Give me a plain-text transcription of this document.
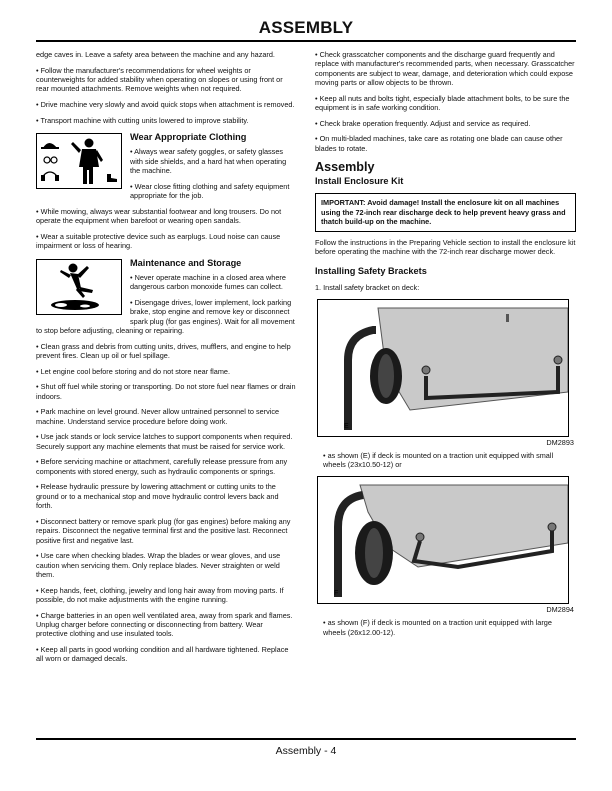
ASSEMBLY

edge caves in. Leave a safety area between the machine and any hazard.

• Follow the manufacturer's recommendations for wheel weights or counterweights for added stability when operating on slopes or using front or rear mounted attachments. Remove weights when not required.

• Drive machine very slowly and avoid quick stops when attachment is removed.

• Transport machine with cutting units lowered to improve stability.

Wear Appropriate Clothing

• Always wear safety goggles, or safety glasses with side shields, and a hard hat when operating the machine.

• Wear close fitting clothing and safety equipment appropriate for the job.

• While mowing, always wear substantial footwear and long trousers. Do not operate the equipment when barefoot or wearing open sandals.

• Wear a suitable protective device such as earplugs. Loud noise can cause impairment or loss of hearing.

Maintenance and Storage

• Never operate machine in a closed area where dangerous carbon monoxide fumes can collect.

• Disengage drives, lower implement, lock parking brake, stop engine and remove key or disconnect spark plug (for gas engines). Wait for all movement to stop before adjusting, cleaning or repairing.

• Clean grass and debris from cutting units, drives, mufflers, and engine to help prevent fires. Clean up oil or fuel spillage.

• Let engine cool before storing and do not store near flame.

• Shut off fuel while storing or transporting. Do not store fuel near flames or drain indoors.

• Park machine on level ground. Never allow untrained personnel to service machine. Understand service procedure before doing work.

• Use jack stands or lock service latches to support components when required. Securely support any machine elements that must be raised for service work.

• Before servicing machine or attachment, carefully release pressure from any components with stored energy, such as hydraulic components or springs.

• Release hydraulic pressure by lowering attachment or cutting units to the ground or to a mechanical stop and move hydraulic control levers back and forth.

• Disconnect battery or remove spark plug (for gas engines) before making any repairs. Disconnect the negative terminal first and the positive last. Reconnect positive first and negative last.

• Use care when checking blades. Wrap the blades or wear gloves, and use caution when servicing them. Only replace blades. Never straighten or weld them.

• Keep hands, feet, clothing, jewelry and long hair away from moving parts. If possible, do not make adjustments with the engine running.

• Charge batteries in an open well ventilated area, away from spark and flames. Unplug charger before connecting or disconnecting from battery. Wear protective clothing and use insulated tools.

• Keep all parts in good working condition and all hardware tightened. Replace all worn or damaged decals.

• Check grasscatcher components and the discharge guard frequently and replace with manufacturer's recommended parts, when necessary. Grasscatcher components are subject to wear, damage, and deterioration which could expose moving parts or allow objects to be thrown.

• Keep all nuts and bolts tight, especially blade attachment bolts, to be sure the equipment is in safe working condition.

• Check brake operation frequently. Adjust and service as required.

• On multi-bladed machines, take care as rotating one blade can cause other blades to rotate.

Assembly
Install Enclosure Kit
IMPORTANT: Avoid damage! Install the enclosure kit on all machines using the 72-inch rear discharge deck to help prevent heavy grass and thatch build-up on the machine.

Follow the instructions in the Preparing Vehicle section to install the enclosure kit before operating the machine with the 72-inch rear discharge mower deck.

Installing Safety Brackets

1. Install safety bracket on deck:

E
DM2893

• as shown (E) if deck is mounted on a traction unit equipped with small wheels (23x10.50-12) or

F
DM2894

• as shown (F) if deck is mounted on a traction unit equipped with large wheels (26x12.00-12).

Assembly - 4
